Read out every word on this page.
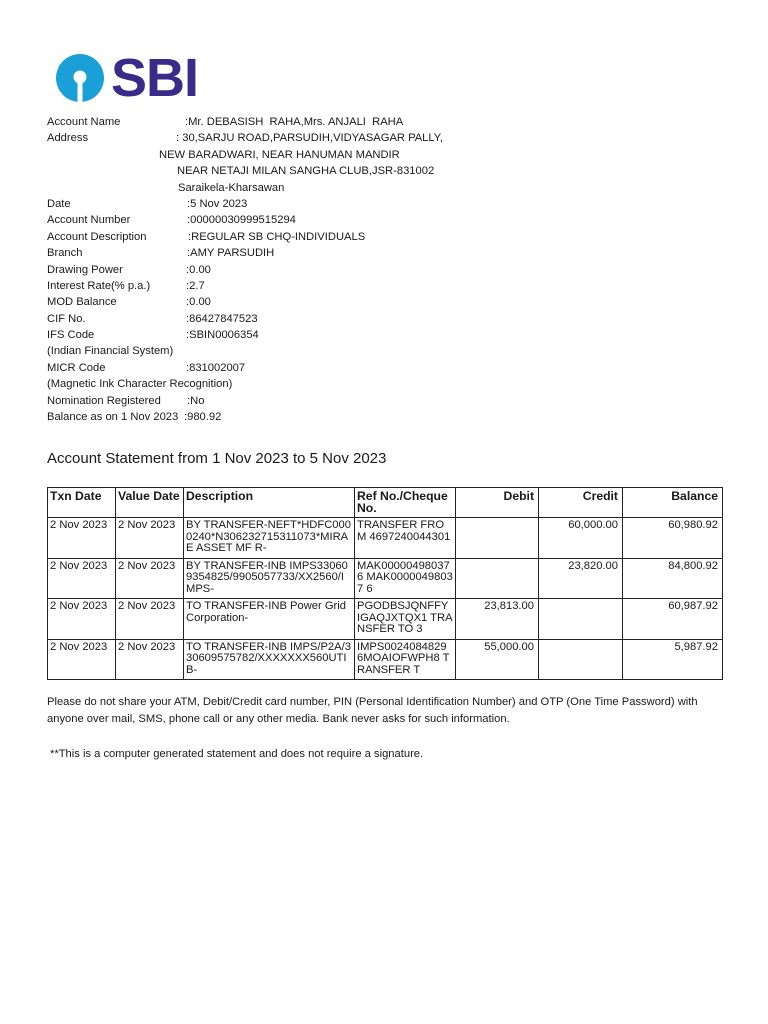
SBI
Account Name	:Mr. DEBASISH  RAHA,Mrs. ANJALI  RAHA
Address	: 30,SARJU ROAD,PARSUDIH,VIDYASAGAR PALLY,
NEW BARADWARI, NEAR HANUMAN MANDIR
NEAR NETAJI MILAN SANGHA CLUB,JSR-831002
Saraikela-Kharsawan
Date	:5 Nov 2023
Account Number	:00000030999515294
Account Description	:REGULAR SB CHQ-INDIVIDUALS
Branch	:AMY PARSUDIH
Drawing Power	:0.00
Interest Rate(% p.a.)	:2.7
MOD Balance	:0.00
CIF No.	:86427847523
IFS Code	:SBIN0006354
(Indian Financial System)
MICR Code	:831002007
(Magnetic Ink Character Recognition)
Nomination Registered :No
Balance as on 1 Nov 2023 :980.92
Account Statement from 1 Nov 2023 to 5 Nov 2023
Txn Date	Value Date	Description	Ref No./Cheque No.	Debit	Credit	Balance
2 Nov 2023	2 Nov 2023	BY TRANSFER-NEFT*HDFC0000240*N306232715311073*MIRAE ASSET MF R-	TRANSFER FROM 4697240044301		60,000.00	60,980.92
2 Nov 2023	2 Nov 2023	BY TRANSFER-INB IMPS330609354825/9905057733/XX2560/IMPS-	MAK00000498037 6 MAK00000498037 6		23,820.00	84,800.92
2 Nov 2023	2 Nov 2023	TO TRANSFER-INB Power Grid Corporation-	PGODBSJQNFFY IGAQJXTQX1 TRANSFER TO 3	23,813.00		60,987.92
2 Nov 2023	2 Nov 2023	TO TRANSFER-INB IMPS/P2A/330609575782/XXXXXXX560UTIB-	IMPS0024084829 6MOAIOFWPH8 TRANSFER T	55,000.00		5,987.92
Please do not share your ATM, Debit/Credit card number, PIN (Personal Identification Number) and OTP (One Time Password) with anyone over mail, SMS, phone call or any other media. Bank never asks for such information.
**This is a computer generated statement and does not require a signature.
